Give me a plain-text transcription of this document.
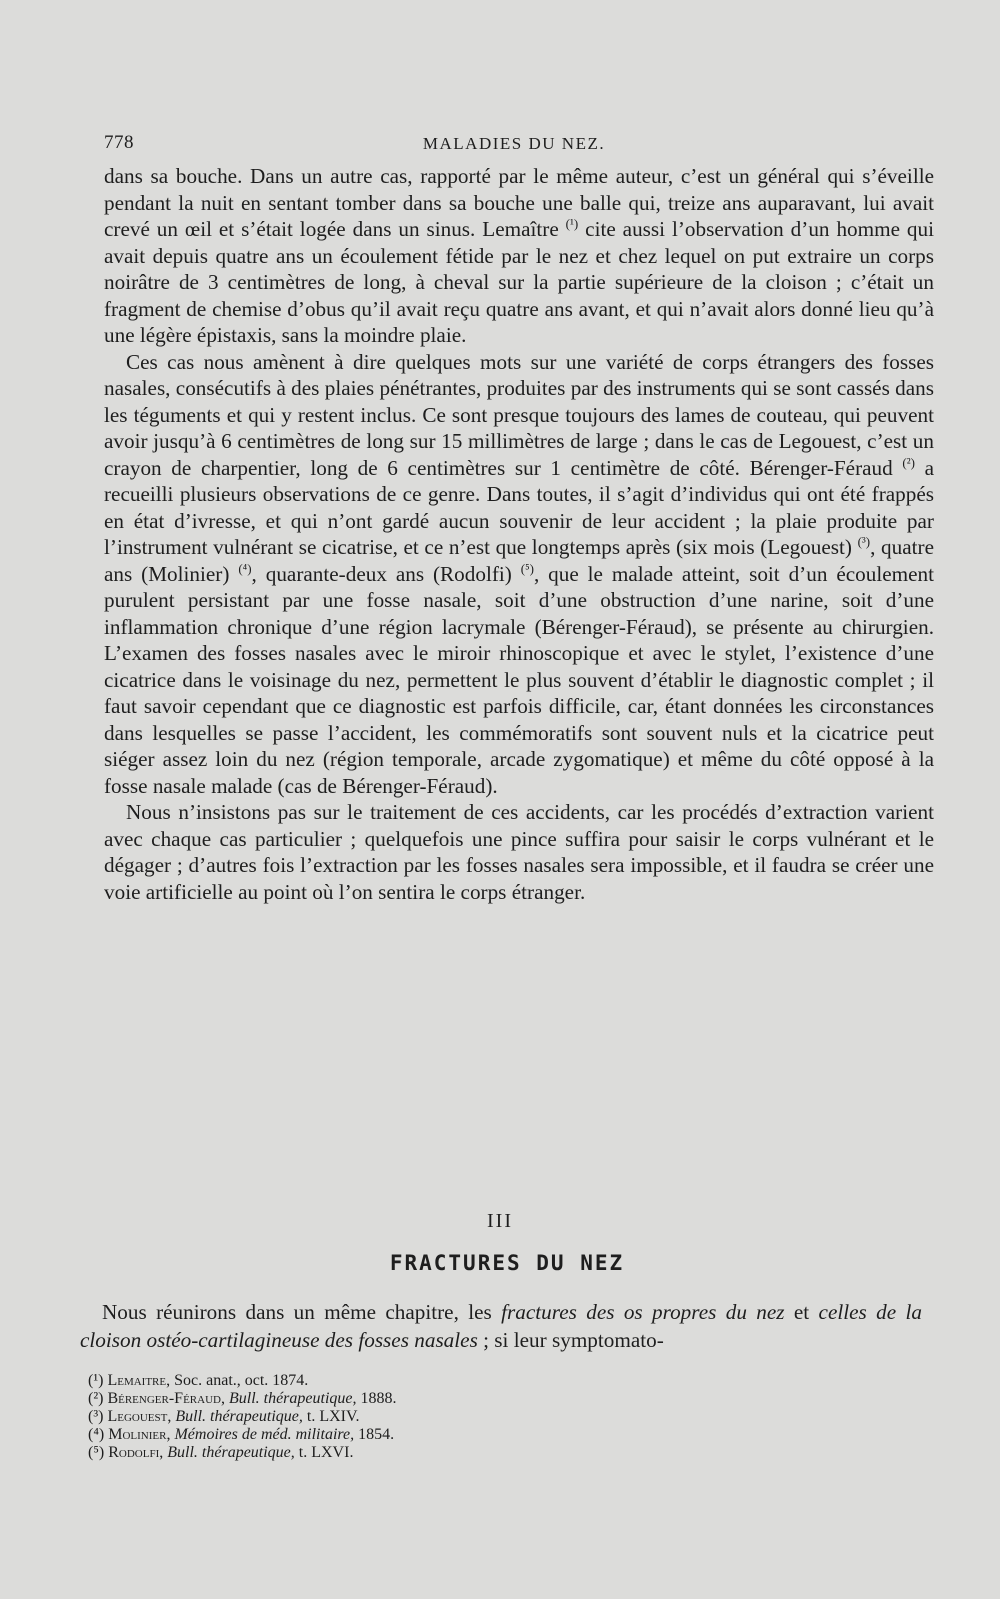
778	MALADIES DU NEZ.

dans sa bouche. Dans un autre cas, rapporté par le même auteur, c’est un général qui s’éveille pendant la nuit en sentant tomber dans sa bouche une balle qui, treize ans auparavant, lui avait crevé un œil et s’était logée dans un sinus. Lemaître $^{(^1)}$ cite aussi l’observation d’un homme qui avait depuis quatre ans un écoulement fétide par le nez et chez lequel on put extraire un corps noirâtre de 3 centimètres de long, à cheval sur la partie supérieure de la cloison ; c’était un fragment de chemise d’obus qu’il avait reçu quatre ans avant, et qui n’avait alors donné lieu qu’à une légère épistaxis, sans la moindre plaie.

Ces cas nous amènent à dire quelques mots sur une variété de corps étrangers des fosses nasales, consécutifs à des plaies pénétrantes, produites par des instruments qui se sont cassés dans les téguments et qui y restent inclus. Ce sont presque toujours des lames de couteau, qui peuvent avoir jusqu’à 6 centimètres de long sur 15 millimètres de large ; dans le cas de Legouest, c’est un crayon de charpentier, long de 6 centimètres sur 1 centimètre de côté. Bérenger-Féraud $^{(^2)}$ a recueilli plusieurs observations de ce genre. Dans toutes, il s’agit d’individus qui ont été frappés en état d’ivresse, et qui n’ont gardé aucun souvenir de leur accident ; la plaie produite par l’instrument vulnérant se cicatrise, et ce n’est que longtemps après (six mois (Legouest) $^{(^3)}$, quatre ans (Molinier) $^{(^4)}$, quarante-deux ans (Rodolfi) $^{(^5)}$, que le malade atteint, soit d’un écoulement purulent persistant par une fosse nasale, soit d’une obstruction d’une narine, soit d’une inflammation chronique d’une région lacrymale (Bérenger-Féraud), se présente au chirurgien. L’examen des fosses nasales avec le miroir rhinoscopique et avec le stylet, l’existence d’une cicatrice dans le voisinage du nez, permettent le plus souvent d’établir le diagnostic complet ; il faut savoir cependant que ce diagnostic est parfois difficile, car, étant données les circonstances dans lesquelles se passe l’accident, les commémoratifs sont souvent nuls et la cicatrice peut siéger assez loin du nez (région temporale, arcade zygomatique) et même du côté opposé à la fosse nasale malade (cas de Bérenger-Féraud).

Nous n’insistons pas sur le traitement de ces accidents, car les procédés d’extraction varient avec chaque cas particulier ; quelquefois une pince suffira pour saisir le corps vulnérant et le dégager ; d’autres fois l’extraction par les fosses nasales sera impossible, et il faudra se créer une voie artificielle au point où l’on sentira le corps étranger.

III
FRACTURES DU NEZ

Nous réunirons dans un même chapitre, les fractures des os propres du nez et celles de la cloison ostéo-cartilagineuse des fosses nasales ; si leur symptomato-

(¹) Lemaitre, Soc. anat., oct. 1874.
(²) Bérenger-Féraud, Bull. thérapeutique, 1888.
(³) Legouest, Bull. thérapeutique, t. LXIV.
(⁴) Molinier, Mémoires de méd. militaire, 1854.
(⁵) Rodolfi, Bull. thérapeutique, t. LXVI.
